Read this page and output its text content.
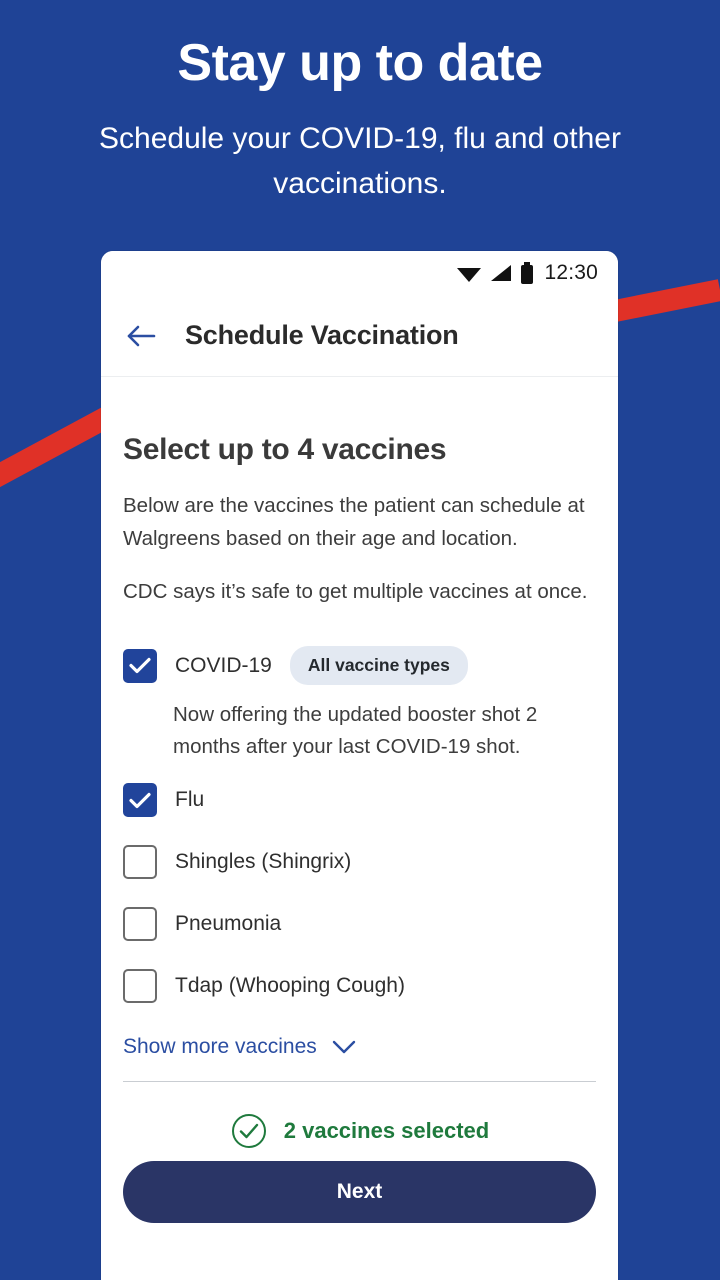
Stay up to date
Schedule your COVID-19, flu and other vaccinations.
12:30
Schedule Vaccination
Select up to 4 vaccines
Below are the vaccines the patient can schedule at Walgreens based on their age and location.
CDC says it’s safe to get multiple vaccines at once.
COVID-19	All vaccine types
Now offering the updated booster shot 2 months after your last COVID-19 shot.
Flu
Shingles (Shingrix)
Pneumonia
Tdap (Whooping Cough)
Show more vaccines
2 vaccines selected
Next
